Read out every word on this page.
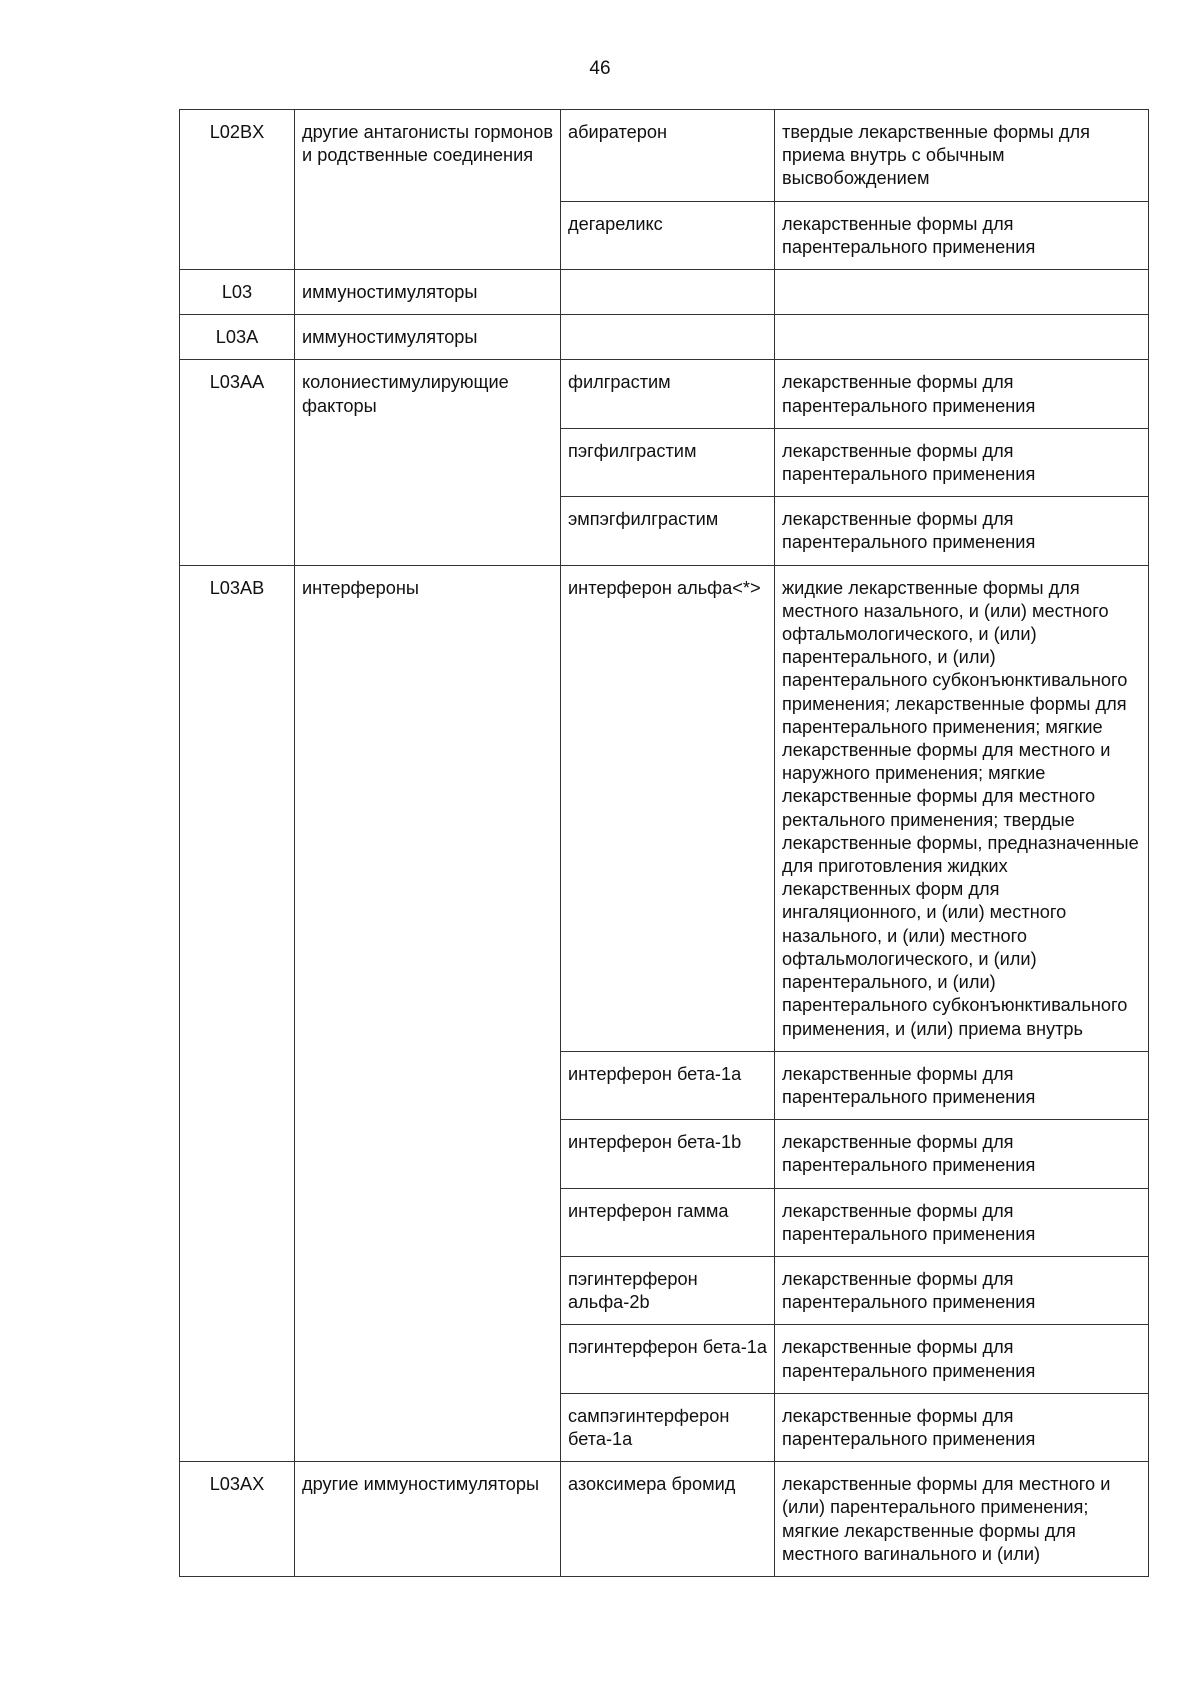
46
L02BX	другие антагонисты гормонов и родственные соединения	абиратерон	твердые лекарственные формы для приема внутрь с обычным высвобождением
		дегареликс	лекарственные формы для парентерального применения
L03	иммуностимуляторы		
L03A	иммуностимуляторы		
L03AA	колониестимулирующие факторы	филграстим	лекарственные формы для парентерального применения
		пэгфилграстим	лекарственные формы для парентерального применения
		эмпэгфилграстим	лекарственные формы для парентерального применения
L03AB	интерфероны	интерферон альфа<*>	жидкие лекарственные формы для местного назального, и (или) местного офтальмологического, и (или) парентерального, и (или) парентерального субконъюнктивального применения; лекарственные формы для парентерального применения; мягкие лекарственные формы для местного и наружного применения; мягкие лекарственные формы для местного ректального применения; твердые лекарственные формы, предназначенные для приготовления жидких лекарственных форм для ингаляционного, и (или) местного назального, и (или) местного офтальмологического, и (или) парентерального, и (или) парентерального субконъюнктивального применения, и (или) приема внутрь
		интерферон бета-1a	лекарственные формы для парентерального применения
		интерферон бета-1b	лекарственные формы для парентерального применения
		интерферон гамма	лекарственные формы для парентерального применения
		пэгинтерферон альфа-2b	лекарственные формы для парентерального применения
		пэгинтерферон бета-1a	лекарственные формы для парентерального применения
		сампэгинтерферон бета-1a	лекарственные формы для парентерального применения
L03AX	другие иммуностимуляторы	азоксимера бромид	лекарственные формы для местного и (или) парентерального применения; мягкие лекарственные формы для местного вагинального и (или)
